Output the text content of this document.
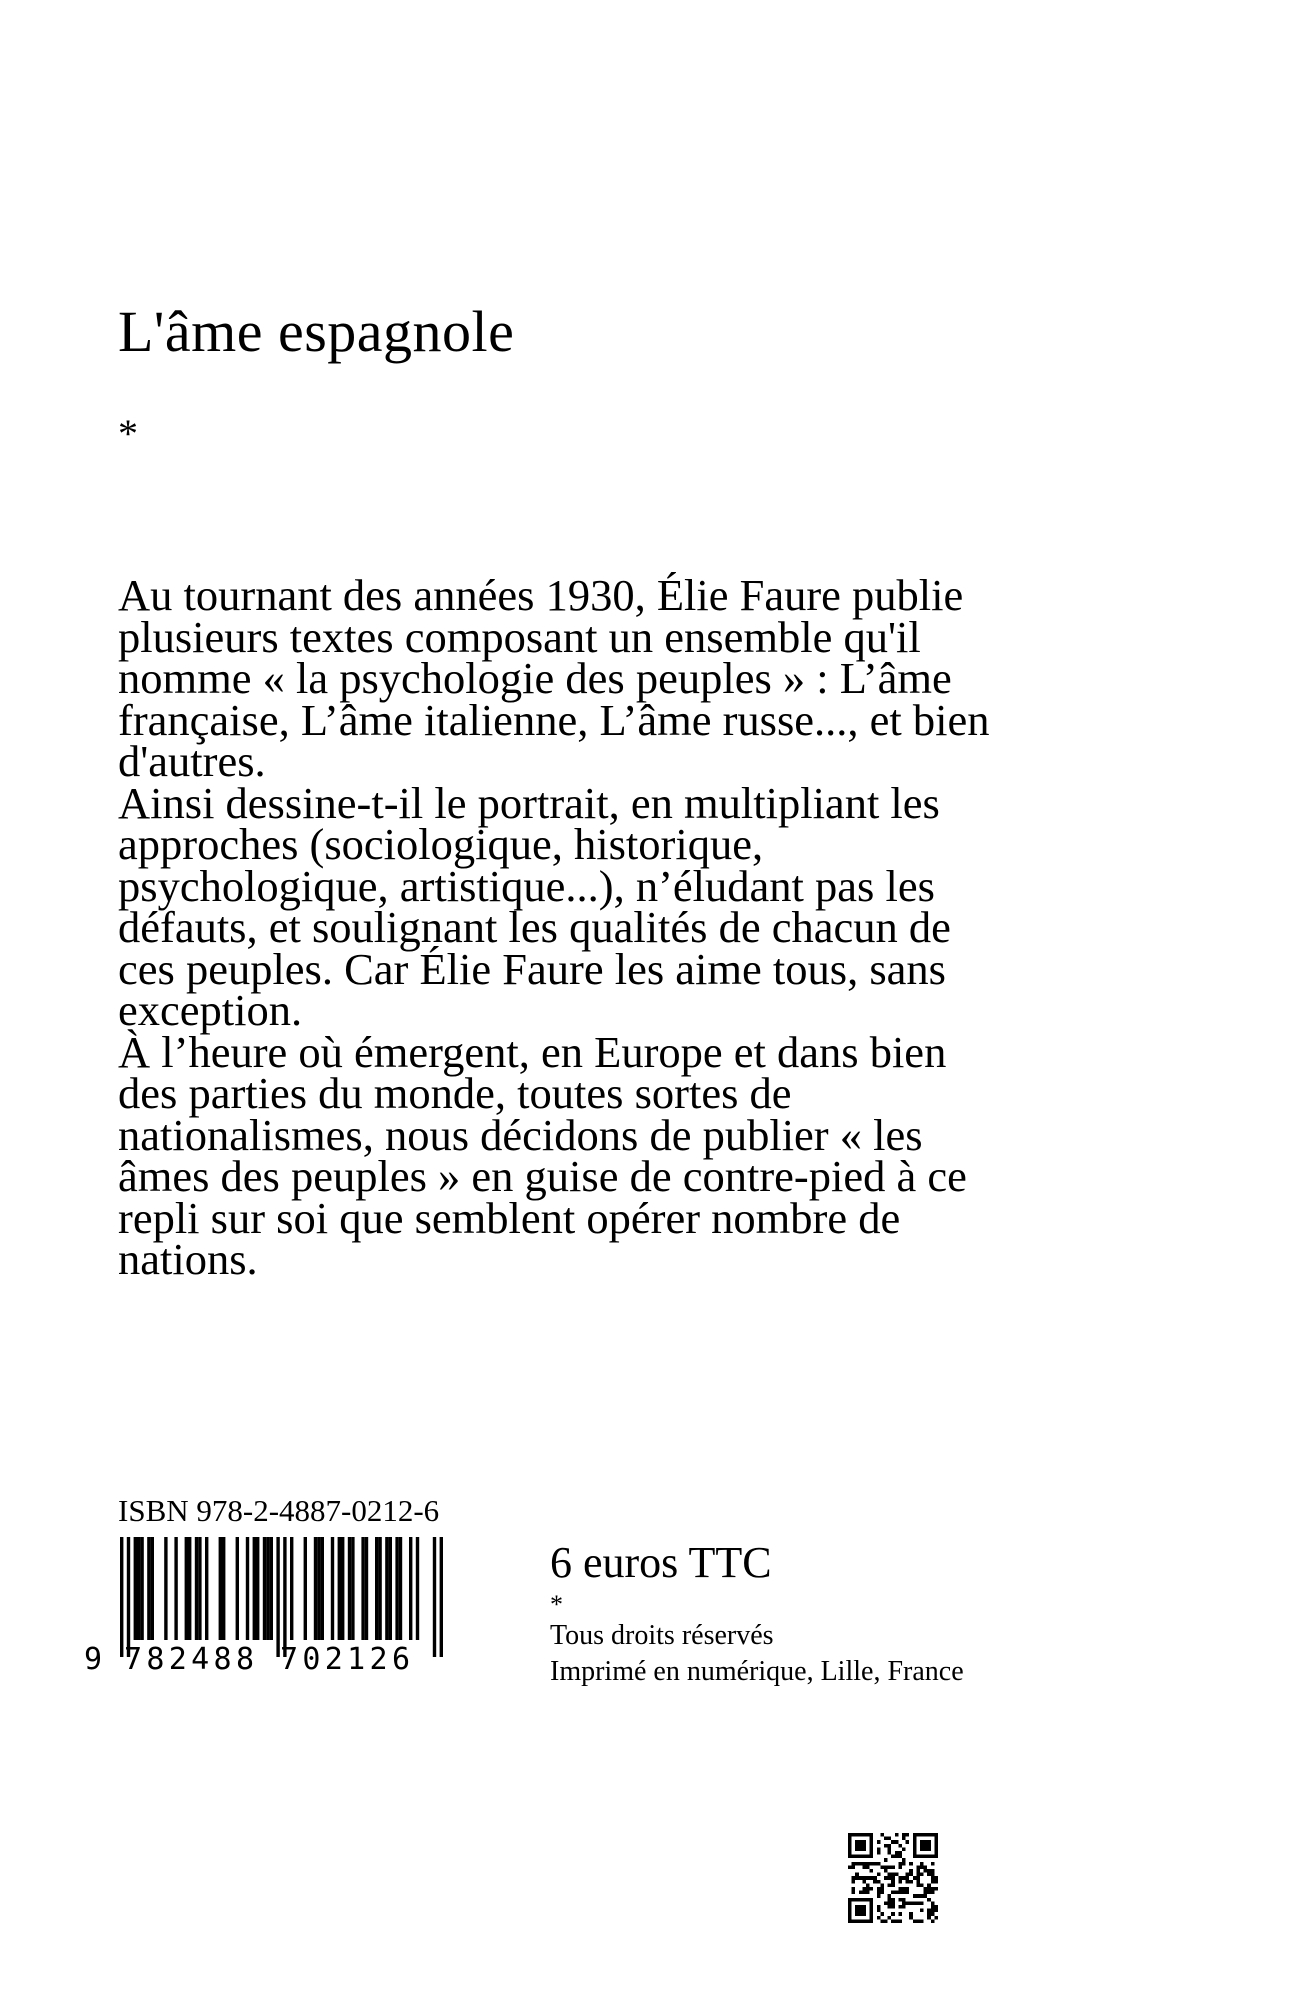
L'âme espagnole
*

Au tournant des années 1930, Élie Faure publie plusieurs textes composant un ensemble qu'il nomme « la psychologie des peuples » : L’âme française, L’âme italienne, L’âme russe..., et bien d'autres.

Ainsi dessine-t-il le portrait, en multipliant les approches (sociologique, historique, psychologique, artistique...), n’éludant pas les défauts, et soulignant les qualités de chacun de ces peuples. Car Élie Faure les aime tous, sans exception.

À l’heure où émergent, en Europe et dans bien des parties du monde, toutes sortes de nationalismes, nous décidons de publier « les âmes des peuples » en guise de contre-pied à ce repli sur soi que semblent opérer nombre de nations.

ISBN 978-2-4887-0212-6
9 782488 702126
6 euros TTC
*
Tous droits réservés
Imprimé en numérique, Lille, France
